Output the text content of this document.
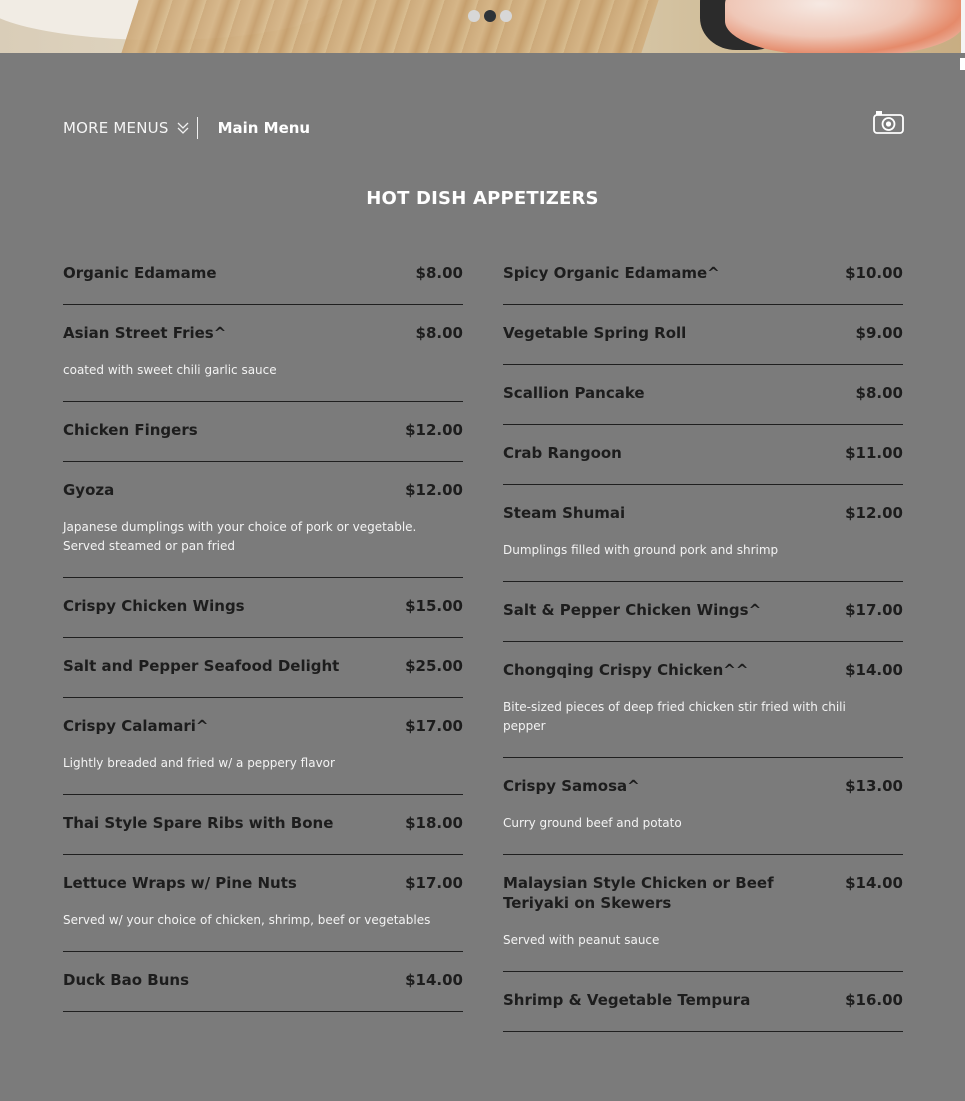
MORE MENUS	Main Menu
HOT DISH APPETIZERS
Organic Edamame	$8.00
Asian Street Fries^	$8.00
coated with sweet chili garlic sauce
Chicken Fingers	$12.00
Gyoza	$12.00
Japanese dumplings with your choice of pork or vegetable. Served steamed or pan fried
Crispy Chicken Wings	$15.00
Salt and Pepper Seafood Delight	$25.00
Crispy Calamari^	$17.00
Lightly breaded and fried w/ a peppery flavor
Thai Style Spare Ribs with Bone	$18.00
Lettuce Wraps w/ Pine Nuts	$17.00
Served w/ your choice of chicken, shrimp, beef or vegetables
Duck Bao Buns	$14.00
Spicy Organic Edamame^	$10.00
Vegetable Spring Roll	$9.00
Scallion Pancake	$8.00
Crab Rangoon	$11.00
Steam Shumai	$12.00
Dumplings filled with ground pork and shrimp
Salt & Pepper Chicken Wings^	$17.00
Chongqing Crispy Chicken^^	$14.00
Bite-sized pieces of deep fried chicken stir fried with chili pepper
Crispy Samosa^	$13.00
Curry ground beef and potato
Malaysian Style Chicken or Beef Teriyaki on Skewers
$14.00
Served with peanut sauce
Shrimp & Vegetable Tempura	$16.00
